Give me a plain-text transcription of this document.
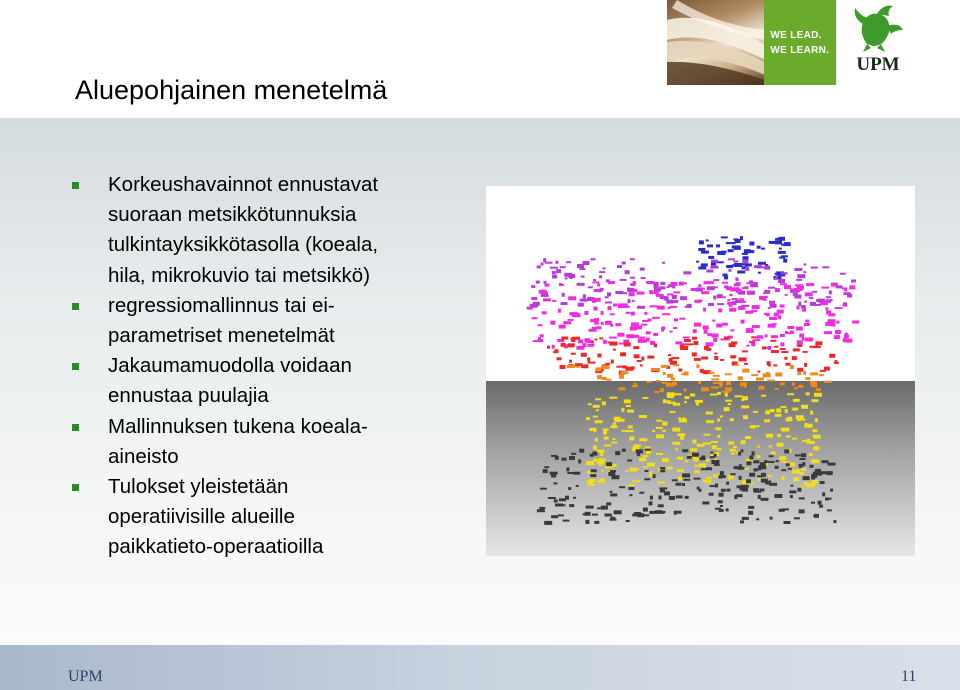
Aluepohjainen menetelmä
WE LEAD.
WE LEARN.
UPM
Korkeushavainnot ennustavat
suoraan metsikkötunnuksia
tulkintayksikkötasolla (koeala,
hila, mikrokuvio tai metsikkö)
regressiomallinnus tai ei-
parametriset menetelmät
Jakaumamuodolla voidaan
ennustaa puulajia
Mallinnuksen tukena koeala-
aineisto
Tulokset yleistetään
operatiivisille alueille
paikkatieto-operaatioilla
UPM	11
